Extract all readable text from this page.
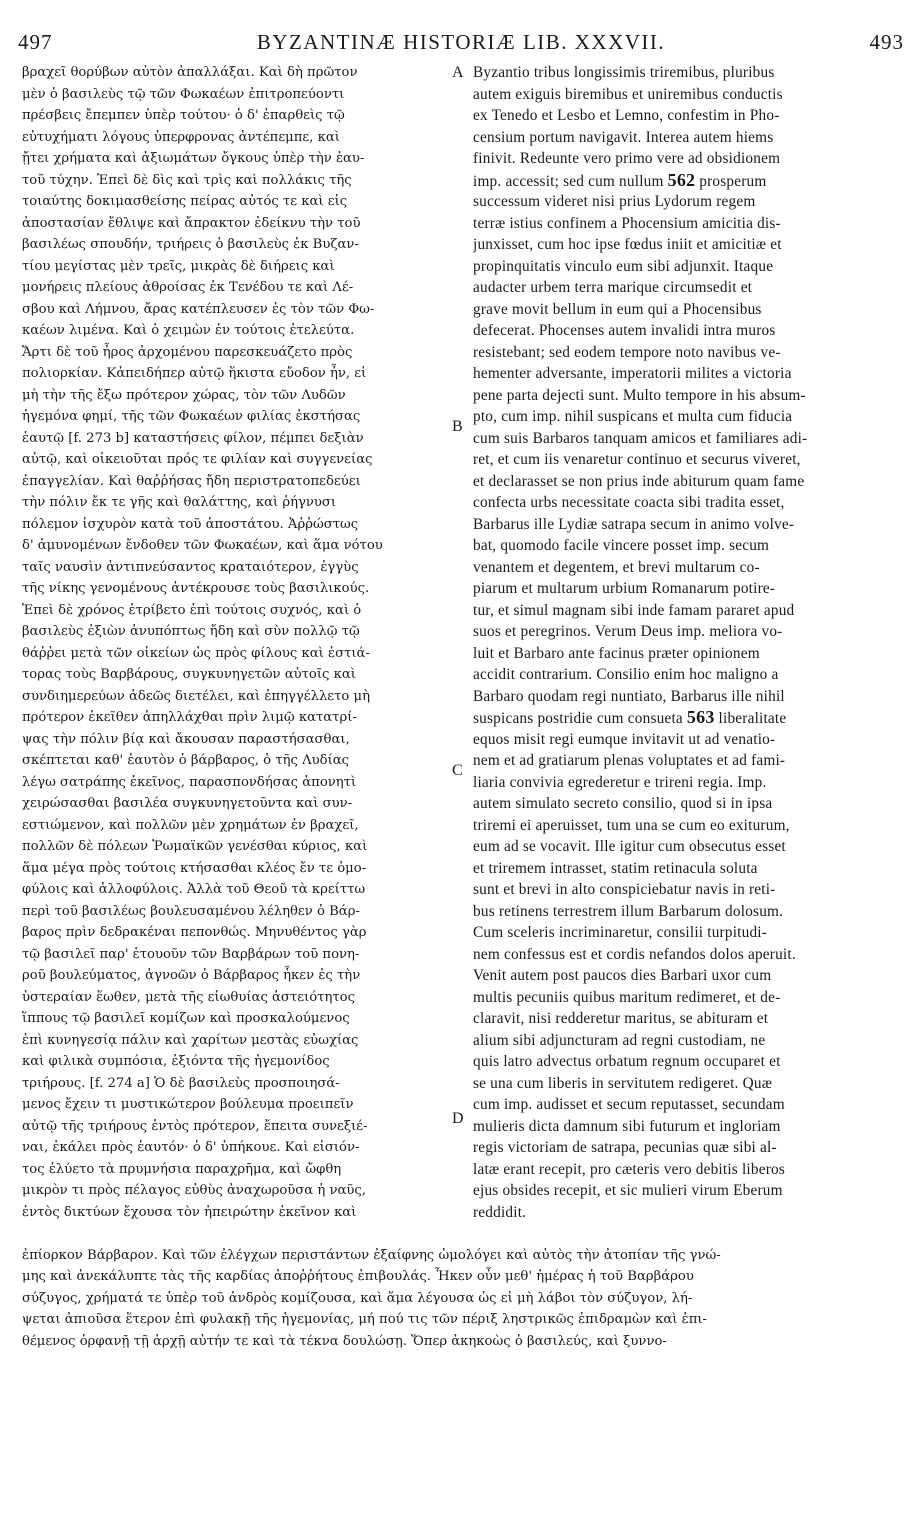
497	BYZANTINÆ HISTORIÆ LIB. XXXVII.	493
βραχεῖ θορύβων αὐτὸν ἀπαλλάξαι. Καὶ δὴ πρῶτον
μὲν ὁ βασιλεὺς τῷ τῶν Φωκαέων ἐπιτροπεύοντι
πρέσβεις ἔπεμπεν ὑπὲρ τούτου· ὁ δ' ἐπαρθεὶς τῷ
εὐτυχήματι λόγους ὑπερφρονας ἀντέπεμπε, καὶ
ᾔτει χρήματα καὶ ἀξιωμάτων ὄγκους ὑπὲρ τὴν ἑαυ-
τοῦ τύχην. Ἐπεὶ δὲ δὶς καὶ τρὶς καὶ πολλάκις τῆς
τοιαύτης δοκιμασθείσης πείρας αὐτός τε καὶ εἰς
ἀποστασίαν ἔθλιψε καὶ ἄπρακτον ἐδείκνυ τὴν τοῦ
βασιλέως σπουδήν, τριήρεις ὁ βασιλεὺς ἐκ Βυζαν-
τίου μεγίστας μὲν τρεῖς, μικρὰς δὲ διήρεις καὶ
μονήρεις πλείους ἀθροίσας ἐκ Τενέδου τε καὶ Λέ-
σβου καὶ Λήμνου, ἄρας κατέπλευσεν ἐς τὸν τῶν Φω-
καέων λιμένα. Καὶ ὁ χειμὼν ἐν τούτοις ἐτελεύτα.
Ἄρτι δὲ τοῦ ἦρος ἀρχομένου παρεσκευάζετο πρὸς
πολιορκίαν. Κἀπειδήπερ αὐτῷ ἥκιστα εὔοδον ἦν, εἰ
μὴ τὴν τῆς ἔξω πρότερον χώρας, τὸν τῶν Λυδῶν
ἡγεμόνα φημί, τῆς τῶν Φωκαέων φιλίας ἐκστήσας
ἑαυτῷ [f. 273 b] καταστήσεις φίλον, πέμπει δεξιὰν
αὐτῷ, καὶ οἰκειοῦται πρός τε φιλίαν καὶ συγγενείας
ἐπαγγελίαν. Καὶ θαῤῥήσας ἤδη περιστρατοπεδεύει
τὴν πόλιν ἔκ τε γῆς καὶ θαλάττης, καὶ ῥήγνυσι
πόλεμον ἰσχυρὸν κατὰ τοῦ ἀποστάτου. Ἀῤῥώστως
δ' ἀμυνομένων ἔνδοθεν τῶν Φωκαέων, καὶ ἅμα νότου
ταῖς ναυσὶν ἀντιπνεύσαντος κραταιότερον, ἐγγὺς
τῆς νίκης γενομένους ἀντέκρουσε τοὺς βασιλικούς.
Ἐπεὶ δὲ χρόνος ἐτρίβετο ἐπὶ τούτοις συχνός, καὶ ὁ
βασιλεὺς ἐξιὼν ἀνυπόπτως ἤδη καὶ σὺν πολλῷ τῷ
θάῤῥει μετὰ τῶν οἰκείων ὡς πρὸς φίλους καὶ ἐστιά-
τορας τοὺς Βαρβάρους, συγκυνηγετῶν αὐτοῖς καὶ
συνδιημερεύων ἀδεῶς διετέλει, καὶ ἐπηγγέλλετο μὴ
πρότερον ἐκεῖθεν ἀπηλλάχθαι πρὶν λιμῷ κατατρί-
ψας τὴν πόλιν βίᾳ καὶ ἄκουσαν παραστήσασθαι,
σκέπτεται καθ' ἑαυτὸν ὁ βάρβαρος, ὁ τῆς Λυδίας
λέγω σατράπης ἐκεῖνος, παρασπονδήσας ἀπονητὶ
χειρώσασθαι βασιλέα συγκυνηγετοῦντα καὶ συν-
εστιώμενον, καὶ πολλῶν μὲν χρημάτων ἐν βραχεῖ,
πολλῶν δὲ πόλεων Ῥωμαϊκῶν γενέσθαι κύριος, καὶ
ἅμα μέγα πρὸς τούτοις κτήσασθαι κλέος ἔν τε ὁμο-
φύλοις καὶ ἀλλοφύλοις. Ἀλλὰ τοῦ Θεοῦ τὰ κρείττω
περὶ τοῦ βασιλέως βουλευσαμένου λέληθεν ὁ Βάρ-
βαρος πρὶν δεδρακέναι πεπονθώς. Μηνυθέντος γὰρ
τῷ βασιλεῖ παρ' ἑτουοῦν τῶν Βαρβάρων τοῦ πονη-
ροῦ βουλεύματος, ἀγνοῶν ὁ Βάρβαρος ἧκεν ἐς τὴν
ὑστεραίαν ἕωθεν, μετὰ τῆς εἰωθυίας ἀστειότητος
ἵππους τῷ βασιλεῖ κομίζων καὶ προσκαλούμενος
ἐπὶ κυνηγεσίᾳ πάλιν καὶ χαρίτων μεστὰς εὐωχίας
καὶ φιλικὰ συμπόσια, ἐξιόντα τῆς ἡγεμονίδος
τριήρους. [f. 274 a] Ὁ δὲ βασιλεὺς προσποιησά-
μενος ἔχειν τι μυστικώτερον βούλευμα προειπεῖν
αὐτῷ τῆς τριήρους ἐντὸς πρότερον, ἔπειτα συνεξιέ-
ναι, ἐκάλει πρὸς ἑαυτόν· ὁ δ' ὑπήκουε. Καὶ εἰσιόν-
τος ἐλύετο τὰ πρυμνήσια παραχρῆμα, καὶ ὤφθη
μικρὸν τι πρὸς πέλαγος εὐθὺς ἀναχωροῦσα ἡ ναῦς,
ἐντὸς δικτύων ἔχουσα τὸν ἠπειρώτην ἐκεῖνον καὶ
Byzantio tribus longissimis triremibus, pluribus
autem exiguis biremibus et uniremibus conductis
ex Tenedo et Lesbo et Lemno, confestim in Pho-
censium portum navigavit. Interea autem hiems
finivit. Redeunte vero primo vere ad obsidionem
imp. accessit; sed cum nullum 562 prosperum
successum videret nisi prius Lydorum regem
terræ istius confinem a Phocensium amicitia dis-
junxisset, cum hoc ipse fœdus iniit et amicitiæ et
propinquitatis vinculo eum sibi adjunxit. Itaque
audacter urbem terra marique circumsedit et
grave movit bellum in eum qui a Phocensibus
defecerat. Phocenses autem invalidi intra muros
resistebant; sed eodem tempore noto navibus ve-
hementer adversante, imperatorii milites a victoria
pene parta dejecti sunt. Multo tempore in his absum-
pto, cum imp. nihil suspicans et multa cum fiducia
cum suis Barbaros tanquam amicos et familiares adi-
ret, et cum iis venaretur continuo et securus viveret,
et declarasset se non prius inde abiturum quam fame
confecta urbs necessitate coacta sibi tradita esset,
Barbarus ille Lydiæ satrapa secum in animo volve-
bat, quomodo facile vincere posset imp. secum
venantem et degentem, et brevi multarum co-
piarum et multarum urbium Romanarum potire-
tur, et simul magnam sibi inde famam pararet apud
suos et peregrinos. Verum Deus imp. meliora vo-
luit et Barbaro ante facinus præter opinionem
accidit contrarium. Consilio enim hoc maligno a
Barbaro quodam regi nuntiato, Barbarus ille nihil
suspicans postridie cum consueta 563 liberalitate
equos misit regi eumque invitavit ut ad venatio-
nem et ad gratiarum plenas voluptates et ad fami-
liaria convivia egrederetur e trireni regia. Imp.
autem simulato secreto consilio, quod si in ipsa
triremi ei aperuisset, tum una se cum eo exiturum,
eum ad se vocavit. Ille igitur cum obsecutus esset
et triremem intrasset, statim retinacula soluta
sunt et brevi in alto conspiciebatur navis in reti-
bus retinens terrestrem illum Barbarum dolosum.
Cum sceleris incriminaretur, consilii turpitudi-
nem confessus est et cordis nefandos dolos aperuit.
Venit autem post paucos dies Barbari uxor cum
multis pecuniis quibus maritum redimeret, et de-
claravit, nisi redderetur maritus, se abituram et
alium sibi adjuncturam ad regni custodiam, ne
quis latro advectus orbatum regnum occuparet et
se una cum liberis in servitutem redigeret. Quæ
cum imp. audisset et secum reputasset, secundam
mulieris dicta damnum sibi futurum et ingloriam
regis victoriam de satrapa, pecunias quæ sibi al-
latæ erant recepit, pro cæteris vero debitis liberos
ejus obsides recepit, et sic mulieri virum Eberum
reddidit.
A
B
C
D
ἐπίορκον Βάρβαρον. Καὶ τῶν ἐλέγχων περιστάντων ἐξαίφνης ὡμολόγει καὶ αὐτὸς τὴν ἀτοπίαν τῆς γνώ-
μης καὶ ἀνεκάλυπτε τὰς τῆς καρδίας ἀποῤῥήτους ἐπιβουλάς. Ἧκεν οὖν μεθ' ἡμέρας ἡ τοῦ Βαρβάρου
σύζυγος, χρήματά τε ὑπὲρ τοῦ ἀνδρὸς κομίζουσα, καὶ ἅμα λέγουσα ὡς εἰ μὴ λάβοι τὸν σύζυγον, λή-
ψεται ἀπιοῦσα ἕτερον ἐπὶ φυλακῇ τῆς ἡγεμονίας, μή πού τις τῶν πέριξ ληστρικῶς ἐπιδραμὼν καὶ ἐπι-
θέμενος ὀρφανῇ τῇ ἀρχῇ αὐτήν τε καὶ τὰ τέκνα δουλώσῃ. Ὅπερ ἀκηκοὼς ὁ βασιλεύς, καὶ ξυννο-
